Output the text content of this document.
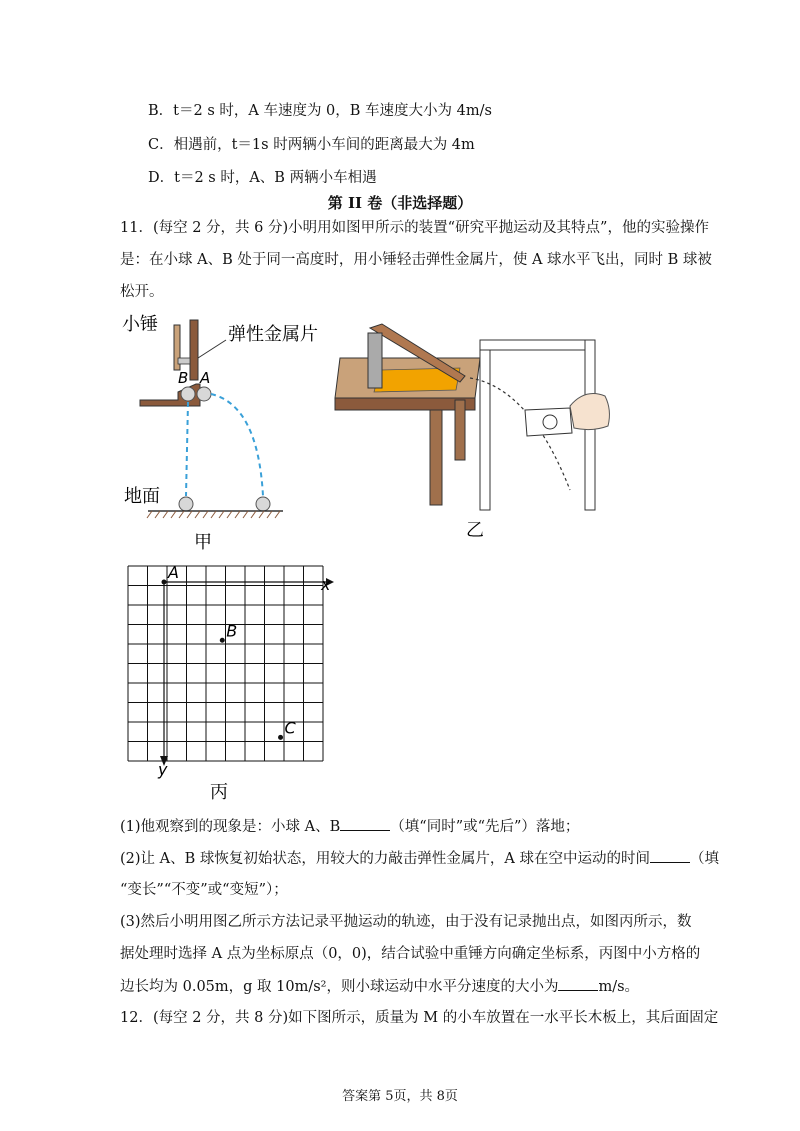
B．t＝2 s 时，A 车速度为 0，B 车速度大小为 4m/s
C．相遇前，t＝1s 时两辆小车间的距离最大为 4m
D．t＝2 s 时，A、B 两辆小车相遇
第 II 卷（非选择题）
11．(每空 2 分，共 6 分)小明用如图甲所示的装置“研究平抛运动及其特点”，他的实验操作
是：在小球 A、B 处于同一高度时，用小锤轻击弹性金属片，使 A 球水平飞出，同时 B 球被
松开。
小锤	弹性金属片
B A
地面
甲
乙
x
y
A
B
C
丙
(1)他观察到的现象是：小球 A、B	（填“同时”或“先后”）落地；
(2)让 A、B 球恢复初始状态，用较大的力敲击弹性金属片，A 球在空中运动的时间	（填
“变长”“不变”或“变短”）；
(3)然后小明用图乙所示方法记录平抛运动的轨迹，由于没有记录抛出点，如图丙所示，数
据处理时选择 A 点为坐标原点（0，0)，结合试验中重锤方向确定坐标系，丙图中小方格的
边长均为 0.05m，g 取 10m/s²，则小球运动中水平分速度的大小为	m/s。
12．(每空 2 分，共 8 分)如下图所示，质量为 M 的小车放置在一水平长木板上，其后面固定
答案第 5页，共 8页
